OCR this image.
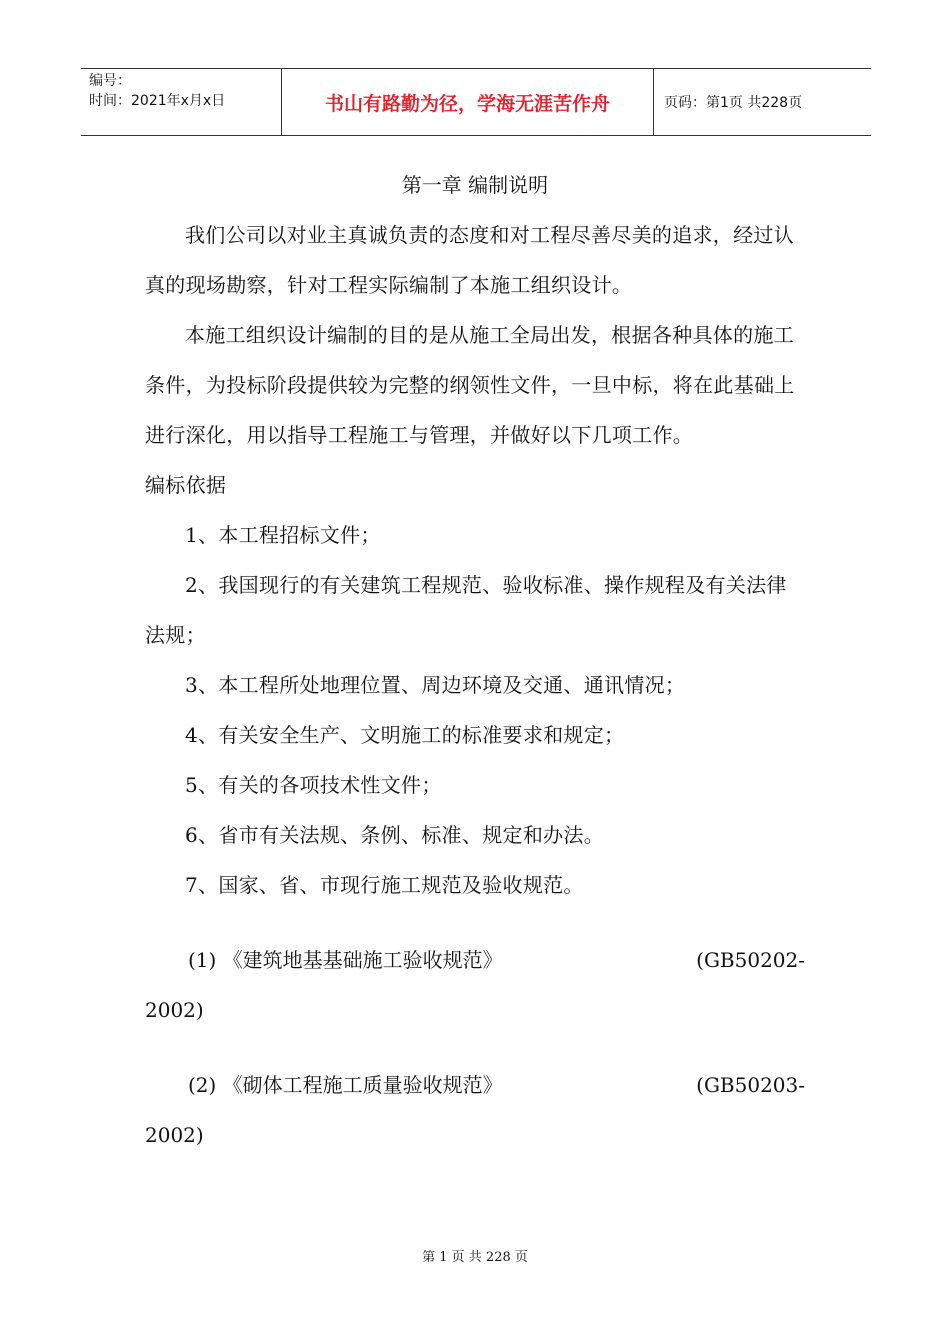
编号：
时间：2021年x月x日	书山有路勤为径，学海无涯苦作舟	页码：第1页 共228页

第一章 编制说明

我们公司以对业主真诚负责的态度和对工程尽善尽美的追求，经过认真的现场勘察，针对工程实际编制了本施工组织设计。

本施工组织设计编制的目的是从施工全局出发，根据各种具体的施工条件，为投标阶段提供较为完整的纲领性文件，一旦中标，将在此基础上进行深化，用以指导工程施工与管理，并做好以下几项工作。

编标依据

1、本工程招标文件；

2、我国现行的有关建筑工程规范、验收标准、操作规程及有关法律法规；

3、本工程所处地理位置、周边环境及交通、通讯情况；

4、有关安全生产、文明施工的标准要求和规定；

5、有关的各项技术性文件；

6、省市有关法规、条例、标准、规定和办法。

7、国家、省、市现行施工规范及验收规范。

(1) 《建筑地基基础施工验收规范》	(GB50202-
2002)
(2) 《砌体工程施工质量验收规范》	(GB50203-
2002)
第 1 页 共 228 页
